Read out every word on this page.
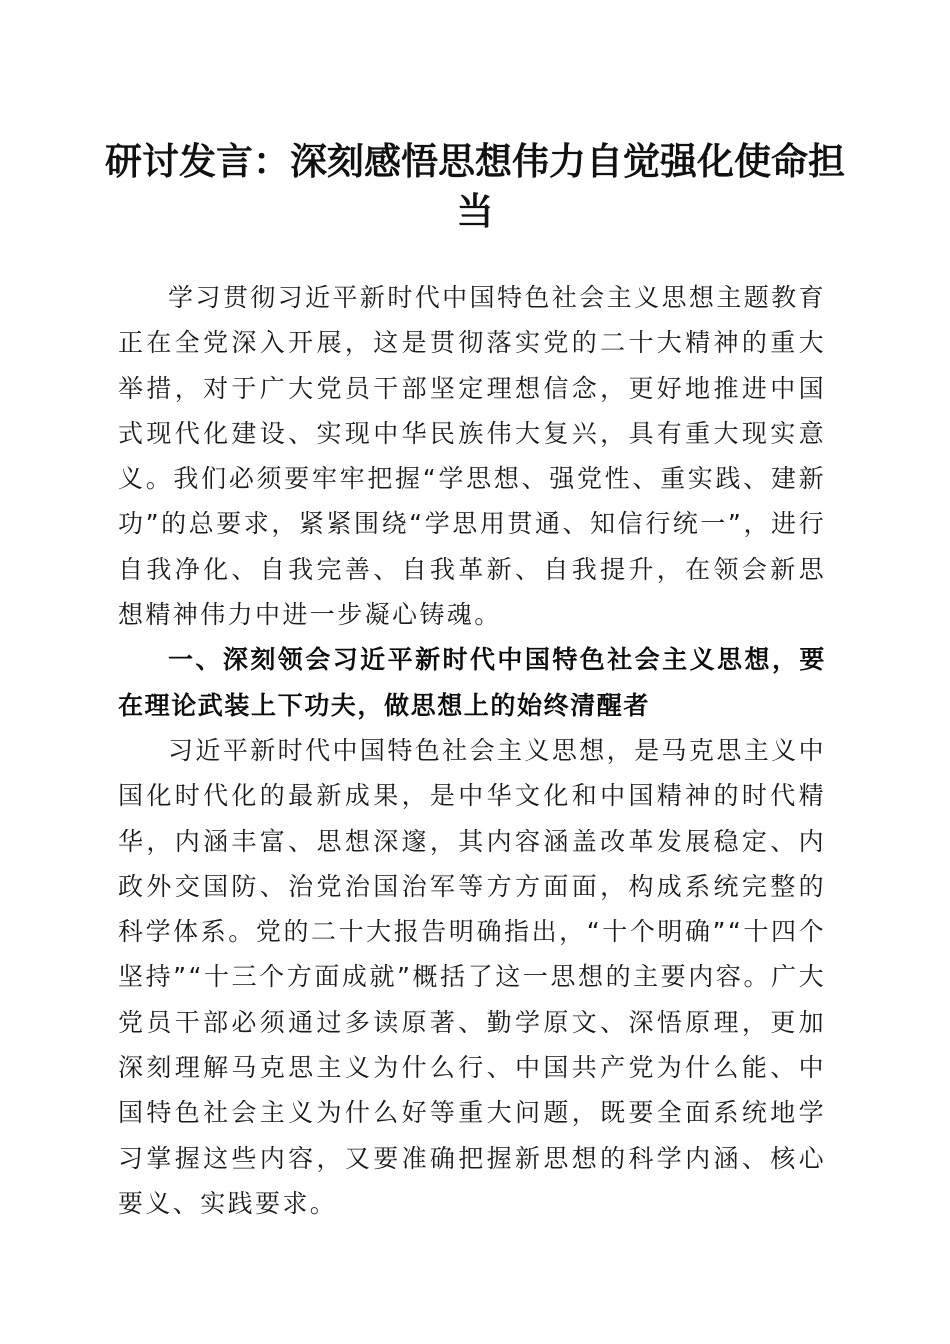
研讨发言：深刻感悟思想伟力自觉强化使命担当

学习贯彻习近平新时代中国特色社会主义思想主题教育正在全党深入开展，这是贯彻落实党的二十大精神的重大举措，对于广大党员干部坚定理想信念，更好地推进中国式现代化建设、实现中华民族伟大复兴，具有重大现实意义。我们必须要牢牢把握“学思想、强党性、重实践、建新功”的总要求，紧紧围绕“学思用贯通、知信行统一”，进行自我净化、自我完善、自我革新、自我提升，在领会新思想精神伟力中进一步凝心铸魂。

一、深刻领会习近平新时代中国特色社会主义思想，要在理论武装上下功夫，做思想上的始终清醒者

习近平新时代中国特色社会主义思想，是马克思主义中国化时代化的最新成果，是中华文化和中国精神的时代精华，内涵丰富、思想深邃，其内容涵盖改革发展稳定、内政外交国防、治党治国治军等方方面面，构成系统完整的科学体系。党的二十大报告明确指出，“十个明确”“十四个坚持”“十三个方面成就”概括了这一思想的主要内容。广大党员干部必须通过多读原著、勤学原文、深悟原理，更加深刻理解马克思主义为什么行、中国共产党为什么能、中国特色社会主义为什么好等重大问题，既要全面系统地学习掌握这些内容，又要准确把握新思想的科学内涵、核心要义、实践要求。
